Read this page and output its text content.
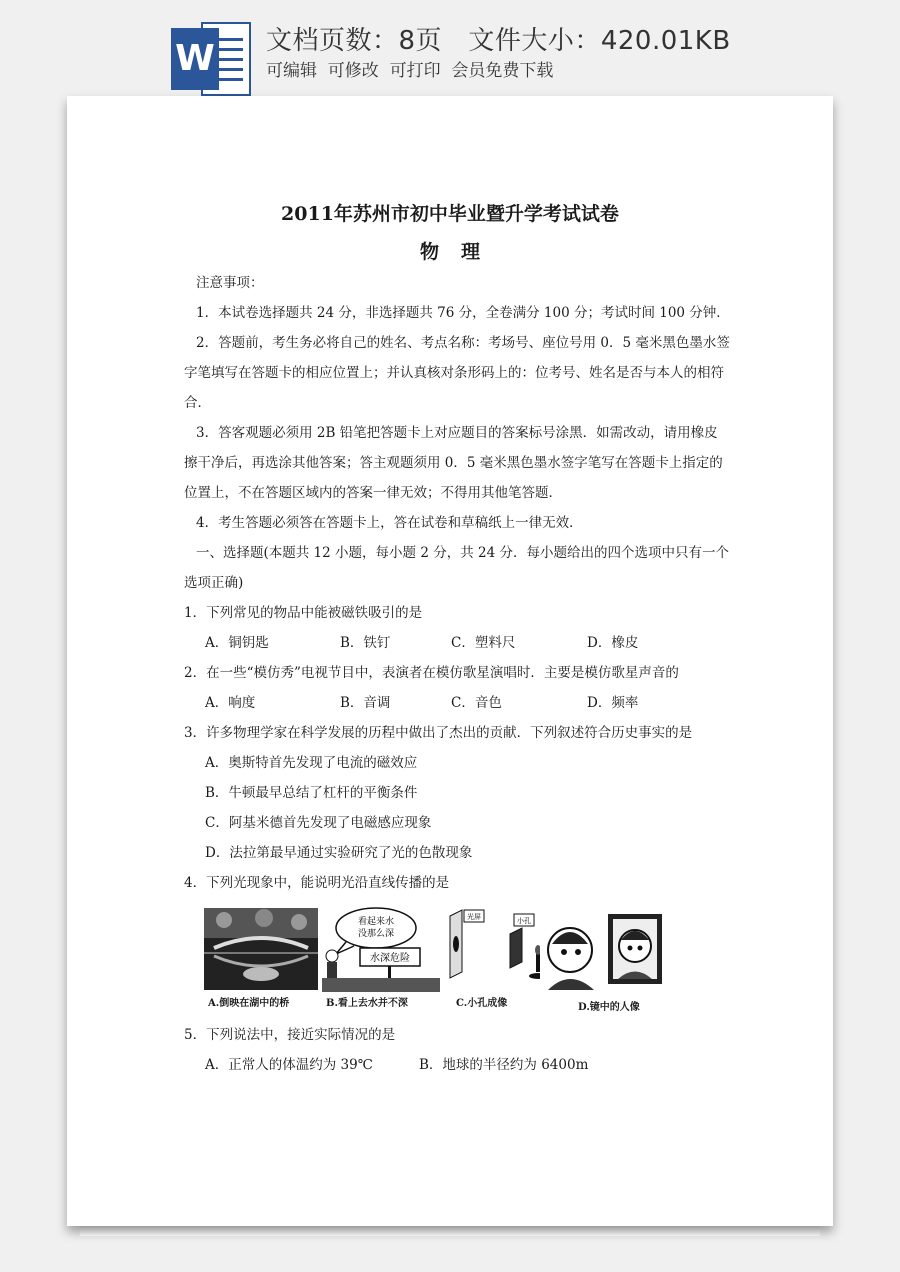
W 文档页数：8页   文件大小：420.01KB
可编辑  可修改  可打印  会员免费下载
2011年苏州市初中毕业暨升学考试试卷
物理
注意事项：
1．本试卷选择题共 24 分，非选择题共 76 分，全卷满分 100 分；考试时间 100 分钟．
2．答题前，考生务必将自己的姓名、考点名称：考场号、座位号用 0．5 毫米黑色墨水签
字笔填写在答题卡的相应位置上；并认真核对条形码上的：位考号、姓名是否与本人的相符
合．
3．答客观题必须用 2B 铅笔把答题卡上对应题目的答案标号涂黑．如需改动，请用橡皮
擦干净后，再选涂其他答案；答主观题须用 0．5 毫米黑色墨水签字笔写在答题卡上指定的
位置上，不在答题区域内的答案一律无效；不得用其他笔答题．
4．考生答题必须答在答题卡上，答在试卷和草稿纸上一律无效．
一、选择题(本题共 12 小题，每小题 2 分，共 24 分．每小题给出的四个选项中只有一个
选项正确)
1．下列常见的物品中能被磁铁吸引的是
A．铜钥匙	B．铁钉	C．塑料尺	D．橡皮
2．在一些“模仿秀”电视节目中，表演者在模仿歌星演唱时．主要是模仿歌星声音的
A．响度	B．音调	C．音色	D．频率
3．许多物理学家在科学发展的历程中做出了杰出的贡献．下列叙述符合历史事实的是
A．奥斯特首先发现了电流的磁效应
B．牛顿最早总结了杠杆的平衡条件
C．阿基米德首先发现了电磁感应现象
D．法拉第最早通过实验研究了光的色散现象
4．下列光现象中，能说明光沿直线传播的是
A.倒映在湖中的桥
看起来水
没那么深
水深危险
B.看上去水并不深
光屏	小孔
C.小孔成像	D.镜中的人像
5．下列说法中，接近实际情况的是
A．正常人的体温约为 39℃	B．地球的半径约为 6400m
